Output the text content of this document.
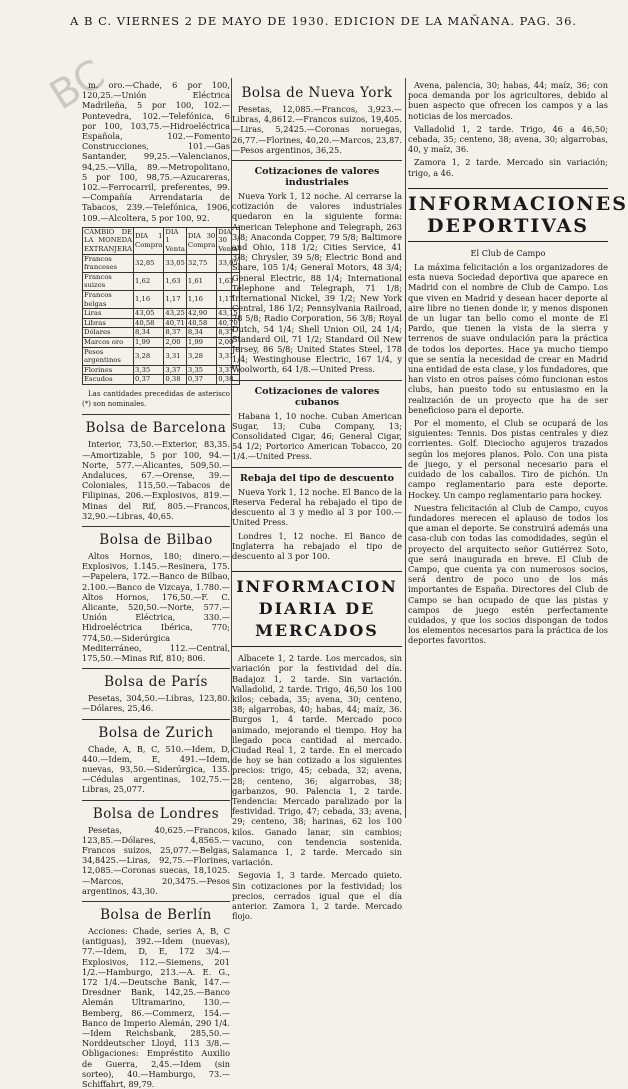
BC
A B C. VIERNES 2 DE MAYO DE 1930. EDICION DE LA MAÑANA. PAG. 36.

m. oro.—Chade, 6 por 100, 120,25.—Unión Eléctrica Madrileña, 5 por 100, 102.—Pontevedra, 102.—Telefónica, 6 por 100, 103,75.—Hidroeléctrica Española, 102.—Fomento Construcciones, 101.—Gas Santander, 99,25.—Valencianos, 94,25.—Villa, 89.—Metropolitano, 5 por 100, 98,75.—Azucareras, 102.—Ferrocarril, preferentes, 99.—Compañía Arrendataria de Tabacos, 239.—Telefónica, 1906, 109.—Alcoltera, 5 por 100, 92.

CAMBIO DE LA MONEDA EXTRANJERA	DIA 1 Compra	DIA 1 Venta	DIA 30 Compra	DIA 30 Venta
Francos franceses	32,85	33,05	32,75	33,05
Francos suizos	1,62	1,63	1,61	1,63
Francos belgas	1,16	1,17	1,16	1,17
Liras	43,05	43,25	42,90	43,15
Libras	40,58	40,71	40,58	40,70
Dólares	8,34	8,37	8,34	8,37
Marcos oro	1,99	2,00	1,99	2,00
Pesos argentinos	3,28	3,31	3,28	3,31
Florines	3,35	3,37	3,35	3,37
Escudos	0,37	0,38	0,37	0,38

Las cantidades precedidas de asterisco (*) son nominales.

Bolsa de Barcelona

Interior, 73,50.—Exterior, 83,35.—Amortizable, 5 por 100, 94.—Norte, 577.—Alicantes, 509,50.—Andaluces, 67.—Orense, 39.—Coloniales, 115,50.—Tabacos de Filipinas, 206.—Explosivos, 819.—Minas del Rif, 805.—Francos, 32,90.—Libras, 40,65.

Bolsa de Bilbao

Altos Hornos, 180; dinero.—Explosivos, 1.145.—Resinera, 175.—Papelera, 172.—Banco de Bilbao, 2.100.—Banco de Vizcaya, 1.780.—Altos Hornos, 176,50.—F. C. Alicante, 520,50.—Norte, 577.—Unión Eléctrica, 330.—Hidroeléctrica Ibérica, 770; 774,50.—Siderúrgica Mediterráneo, 112.—Central, 175,50.—Minas Rif, 810; 806.

Bolsa de París

Pesetas, 304,50.—Libras, 123,80.—Dólares, 25,46.

Bolsa de Zurich

Chade, A, B, C, 510.—Idem, D, 440.—Idem, E, 491.—Idem, nuevas, 93,50.—Siderúrgica, 135.—Cédulas argentinas, 102,75.—Libras, 25,077.

Bolsa de Londres

Pesetas, 40,625.—Francos, 123,85.—Dólares, 4,8565.—Francos suizos, 25,077.—Belgas, 34,8425.—Liras, 92,75.—Florines, 12,085.—Coronas suecas, 18,1025.—Marcos, 20,3475.—Pesos argentinos, 43,30.

Bolsa de Berlín

Acciones: Chade, series A, B, C (antiguas), 392.—Idem (nuevas), 77.—Idem, D, E, 172 3/4.—Explosivos, 112.—Siemens, 201 1/2.—Hamburgo, 213.—A. E. G., 172 1/4.—Deutsche Bank, 147.—Dresdner Bank, 142,25.—Banco Alemán Ultramarino, 130.—Bemberg, 86.—Commerz, 154.—Banco de Imperio Alemán, 290 1/4.—Idem Reichsbank, 285,50.—Norddeutscher Lloyd, 113 3/8.—Obligaciones: Empréstito Auxilio de Guerra, 2,45.—Idem (sin sorteo), 40.—Hamburgo, 73.—Schiffahrt, 89,79.

Bolsa de Nueva York

Pesetas, 12,085.—Francos, 3,923.—Libras, 4,8612.—Francos suizos, 19,405.—Liras, 5,2425.—Coronas noruegas, 26,77.—Florines, 40,20.—Marcos, 23,87.—Pesos argentinos, 36,25.

Cotizaciones de valores industriales

Nueva York 1, 12 noche. Al cerrarse la cotización de valores industriales quedaron en la siguiente forma: American Telephone and Telegraph, 263 3/8; Anaconda Copper, 79 5/8; Baltimore and Ohio, 118 1/2; Cities Service, 41 3/8; Chrysler, 39 5/8; Electric Bond and Share, 105 1/4; General Motors, 48 3/4; General Electric, 88 1/4; International Telephone and Telegraph, 71 1/8; International Nickel, 39 1/2; New York Central, 186 1/2; Pennsylvania Railroad, 78 5/8; Radio Corporation, 56 3/8; Royal Dutch, 54 1/4; Shell Union Oil, 24 1/4; Standard Oil, 71 1/2; Standard Oil New Jersey, 86 5/8; United States Steel, 178 1/4; Westinghouse Electric, 167 1/4, y Woolworth, 64 1/8.—United Press.

Cotizaciones de valores cubanos

Habana 1, 10 noche. Cuban American Sugar, 13; Cuba Company, 13; Consolidated Cigar, 46; General Cigar, 54 1/2; Portorico American Tobacco, 20 1/4.—United Press.

Rebaja del tipo de descuento

Nueva York 1, 12 noche. El Banco de la Reserva Federal ha rebajado el tipo de descuento al 3 y medio al 3 por 100.—United Press.

Londres 1, 12 noche. El Banco de Inglaterra ha rebajado el tipo de descuento al 3 por 100.

INFORMACION DIARIA DE MERCADOS

Albacete 1, 2 tarde. Los mercados, sin variación por la festividad del día. Badajoz 1, 2 tarde. Sin variación. Valladolid, 2 tarde. Trigo, 46,50 los 100 kilos; cebada, 35; avena, 30; centeno, 38; algarrobas, 40; habas, 44; maíz, 36. Burgos 1, 4 tarde. Mercado poco animado, mejorando el tiempo. Hoy ha llegado poca cantidad al mercado. Ciudad Real 1, 2 tarde. En el mercado de hoy se han cotizado a los siguientes precios: trigo, 45; cebada, 32; avena, 28; centeno, 36; algarrobas, 38; garbanzos, 90. Palencia 1, 2 tarde. Tendencia: Mercado paralizado por la festividad. Trigo, 47; cebada, 33; avena, 29; centeno, 38; harinas, 62 los 100 kilos. Ganado lanar, sin cambios; vacuno, con tendencia sostenida. Salamanca 1, 2 tarde. Mercado sin variación.

Segovia 1, 3 tarde. Mercado quieto. Sin cotizaciones por la festividad; los precios, cerrados igual que el día anterior. Zamora 1, 2 tarde. Mercado flojo.

Avena, palencia, 30; habas, 44; maíz, 36; con poca demanda por los agricultores, debido al buen aspecto que ofrecen los campos y a las noticias de los mercados.

Valladolid 1, 2 tarde. Trigo, 46 a 46,50; cebada, 35; centeno, 38; avena, 30; algarrobas, 40, y maíz, 36.

Zamora 1, 2 tarde. Mercado sin variación; trigo, a 46.

INFORMACIONES DEPORTIVAS
El Club de Campo

La máxima felicitación a los organizadores de esta nueva Sociedad deportiva que aparece en Madrid con el nombre de Club de Campo. Los que viven en Madrid y desean hacer deporte al aire libre no tienen donde ir, y menos disponen de un lugar tan bello como el monte de El Pardo, que tienen la vista de la sierra y terrenos de suave ondulación para la práctica de todos los deportes. Hace ya mucho tiempo que se sentía la necesidad de crear en Madrid una entidad de esta clase, y los fundadores, que han visto en otros países cómo funcionan estos clubs, han puesto todo su entusiasmo en la realización de un proyecto que ha de ser beneficioso para el deporte.

Por el momento, el Club se ocupará de los siguientes: Tennis. Dos pistas centrales y diez corrientes. Golf. Dieciocho agujeros trazados según los mejores planos. Polo. Con una pista de juego, y el personal necesario para el cuidado de los caballos. Tiro de pichón. Un campo reglamentario para este deporte. Hockey. Un campo reglamentario para hockey.

Nuestra felicitación al Club de Campo, cuyos fundadores merecen el aplauso de todos los que aman el deporte. Se construirá además una casa-club con todas las comodidades, según el proyecto del arquitecto señor Gutiérrez Soto, que será inaugurada en breve. El Club de Campo, que cuenta ya con numerosos socios, será dentro de poco uno de los más importantes de España. Directores del Club de Campo se han ocupado de que las pistas y campos de juego estén perfectamente cuidados, y que los socios dispongan de todos los elementos necesarios para la práctica de los deportes favoritos.
